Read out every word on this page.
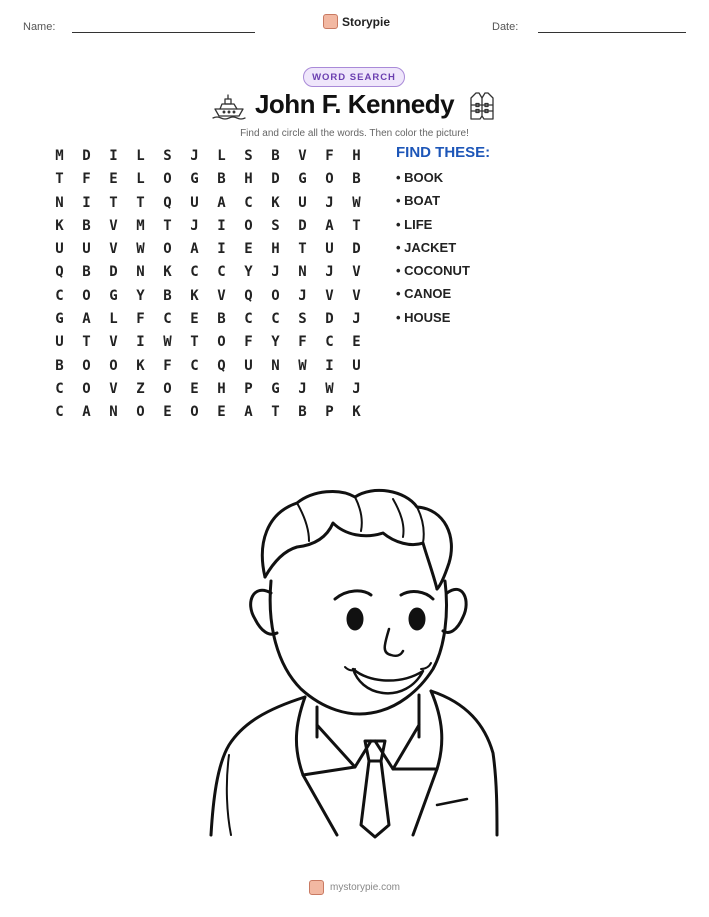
Name:	Storypie	Date:
WORD SEARCH
John F. Kennedy
Find and circle all the words. Then color the picture!
M	D	I	L	S	J	L	S	B	V	F	H
T	F	E	L	O	G	B	H	D	G	O	B
N	I	T	T	Q	U	A	C	K	U	J	W
K	B	V	M	T	J	I	O	S	D	A	T
U	U	V	W	O	A	I	E	H	T	U	D
Q	B	D	N	K	C	C	Y	J	N	J	V
C	O	G	Y	B	K	V	Q	O	J	V	V
G	A	L	F	C	E	B	C	C	S	D	J
U	T	V	I	W	T	O	F	Y	F	C	E
B	O	O	K	F	C	Q	U	N	W	I	U
C	O	V	Z	O	E	H	P	G	J	W	J
C	A	N	O	E	O	E	A	T	B	P	K
FIND THESE:
• BOOK
• BOAT
• LIFE
• JACKET
• COCONUT
• CANOE
• HOUSE
mystorypie.com
